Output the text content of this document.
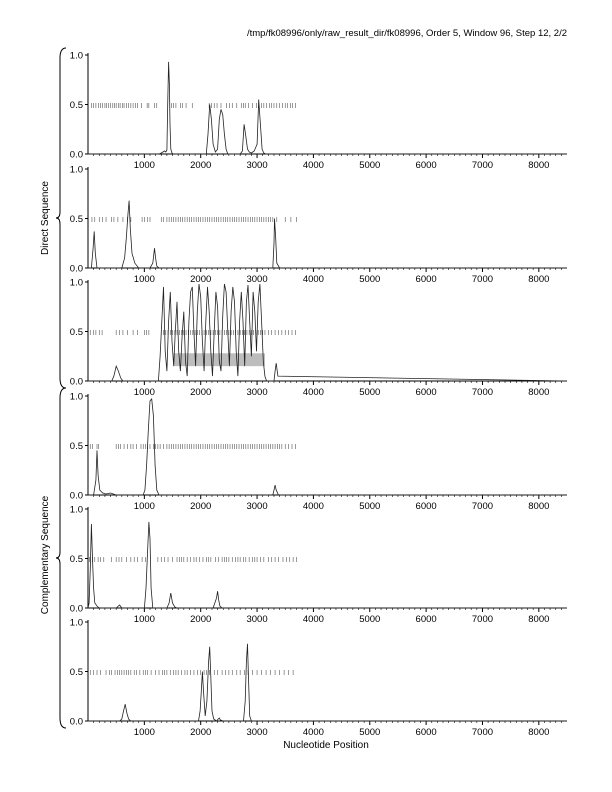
/tmp/fk08996/only/raw_result_dir/fk08996, Order 5, Window 96, Step 12, 2/2
0.0
0.5
1.0
1000	2000	3000	4000	5000	6000	7000	8000
0.0
0.5
1.0
1000	2000	3000	4000	5000	6000	7000	8000
0.0
0.5
1.0
1000	2000	3000	4000	5000	6000	7000	8000
0.0
0.5
1.0
1000	2000	3000	4000	5000	6000	7000	8000
0.0
0.5
1.0
1000	2000	3000	4000	5000	6000	7000	8000
0.0
0.5
1.0
1000	2000	3000	4000	5000	6000	7000	8000
Direct Sequence
Complementary Sequence
Nucleotide Position
